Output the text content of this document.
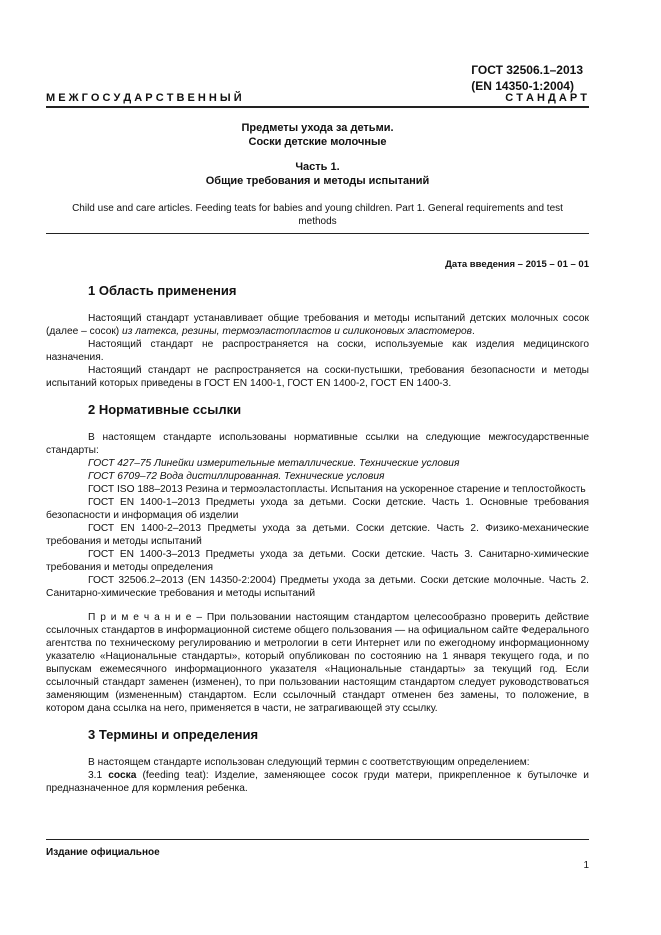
ГОСТ 32506.1–2013
(EN 14350-1:2004)
М Е Ж Г О С У Д А Р С Т В Е Н Н Ы Й	С Т А Н Д А Р Т
Предметы ухода за детьми.
Соски детские молочные
Часть 1.
Общие требования и методы испытаний
Child use and care articles. Feeding teats for babies and young children. Part 1. General requirements and test methods
Дата введения – 2015 – 01 – 01
1 Область применения

Настоящий стандарт устанавливает общие требования и методы испытаний детских молочных сосок (далее – сосок) из латекса, резины, термоэластопластов и силиконовых эластомеров.

Настоящий стандарт не распространяется на соски, используемые как изделия медицинского назначения.

Настоящий стандарт не распространяется на соски-пустышки, требования безопасности и методы испытаний которых приведены в ГОСТ EN 1400-1, ГОСТ EN 1400-2, ГОСТ EN 1400-3.

2 Нормативные ссылки

В настоящем стандарте использованы нормативные ссылки на следующие межгосударственные стандарты:

ГОСТ 427–75 Линейки измерительные металлические. Технические условия

ГОСТ 6709–72 Вода дистиллированная. Технические условия

ГОСТ ISO 188–2013 Резина и термоэластопласты. Испытания на ускоренное старение и теплостойкость

ГОСТ EN 1400-1–2013 Предметы ухода за детьми. Соски детские. Часть 1. Основные требования безопасности и информация об изделии

ГОСТ EN 1400-2–2013 Предметы ухода за детьми. Соски детские. Часть 2. Физико-механические требования и методы испытаний

ГОСТ EN 1400-3–2013 Предметы ухода за детьми. Соски детские. Часть 3. Санитарно-химические требования и методы определения

ГОСТ 32506.2–2013 (EN 14350-2:2004) Предметы ухода за детьми. Соски детские молочные. Часть 2. Санитарно-химические требования и методы испытаний

П р и м е ч а н и е – При пользовании настоящим стандартом целесообразно проверить действие ссылочных стандартов в информационной системе общего пользования — на официальном сайте Федерального агентства по техническому регулированию и метрологии в сети Интернет или по ежегодному информационному указателю «Национальные стандарты», который опубликован по состоянию на 1 января текущего года, и по выпускам ежемесячного информационного указателя «Национальные стандарты» за текущий год. Если ссылочный стандарт заменен (изменен), то при пользовании настоящим стандартом следует руководствоваться заменяющим (измененным) стандартом. Если ссылочный стандарт отменен без замены, то положение, в котором дана ссылка на него, применяется в части, не затрагивающей эту ссылку.

3 Термины и определения

В настоящем стандарте использован следующий термин с соответствующим определением:

3.1 соска (feeding teat): Изделие, заменяющее сосок груди матери, прикрепленное к бутылочке и предназначенное для кормления ребенка.

Издание официальное
1
